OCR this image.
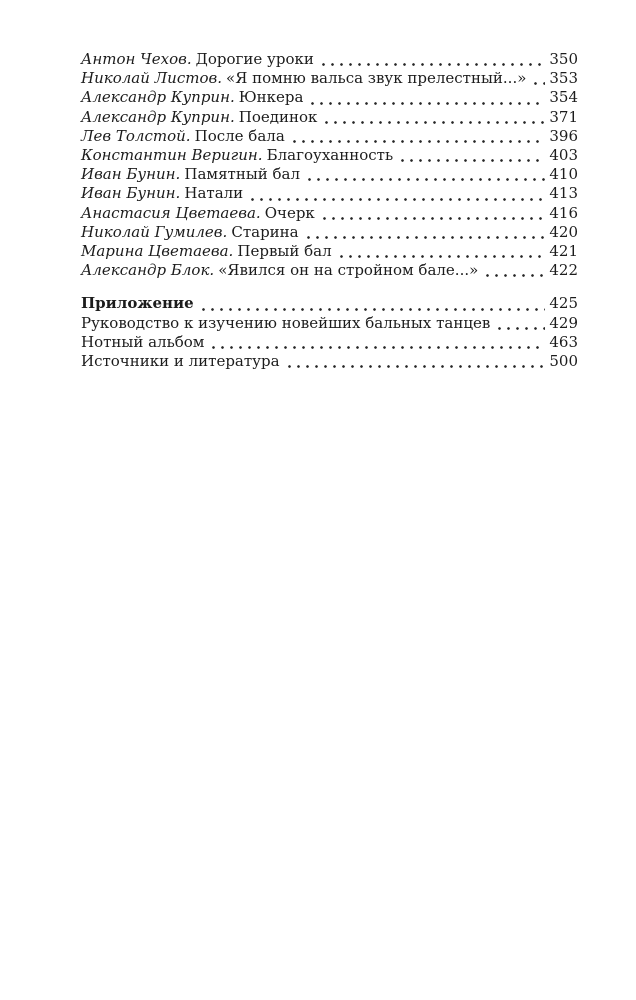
Антон Чехов. Дорогие уроки	350
Николай Листов. «Я помню вальса звук прелестный...» 353
Александр Куприн. Юнкера	354
Александр Куприн. Поединок	371
Лев Толстой. После бала	396
Константин Веригин. Благоуханность	403
Иван Бунин. Памятный бал	410
Иван Бунин. Натали	413
Анастасия Цветаева. Очерк	416
Николай Гумилев. Старина	420
Марина Цветаева. Первый бал	421
Александр Блок. «Явился он на стройном бале...»	422
Приложение	425
Руководство к изучению новейших бальных танцев	429
Нотный альбом	463
Источники и литература	500
